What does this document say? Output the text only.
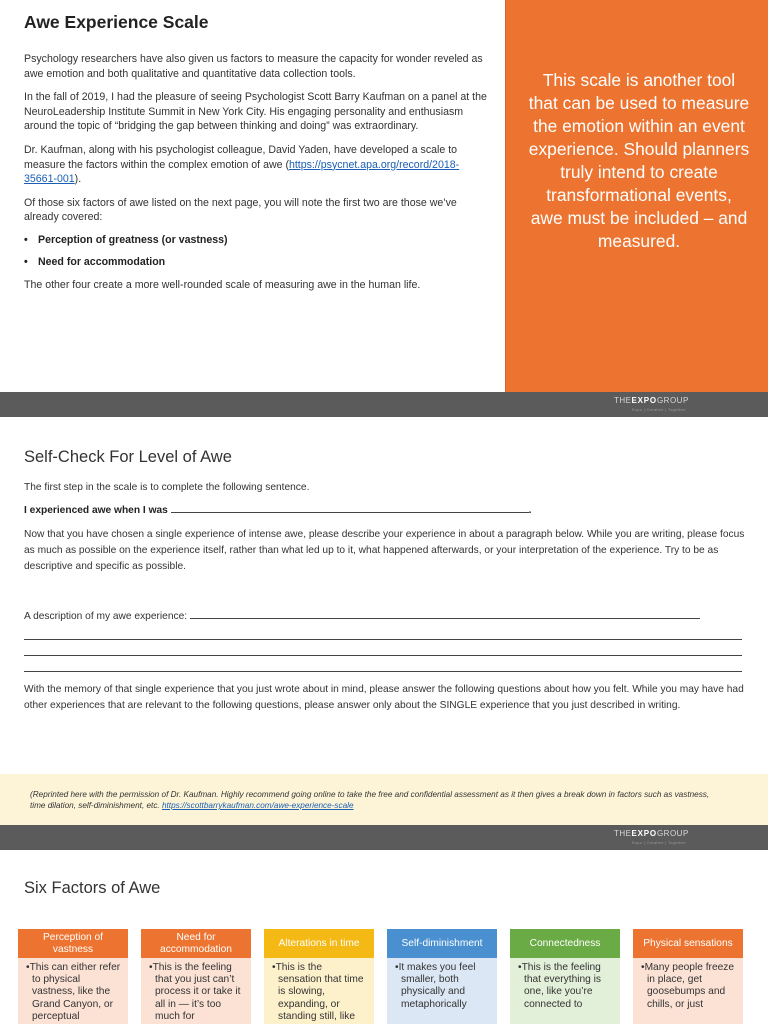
Awe Experience Scale

Psychology researchers have also given us factors to measure the capacity for wonder reveled as awe emotion and both qualitative and quantitative data collection tools.

In the fall of 2019, I had the pleasure of seeing Psychologist Scott Barry Kaufman on a panel at the NeuroLeadership Institute Summit in New York City. His engaging personality and enthusiasm around the topic of “bridging the gap between thinking and doing” was extraordinary.

Dr. Kaufman, along with his psychologist colleague, David Yaden, have developed a scale to measure the factors within the complex emotion of awe (https://psycnet.apa.org/record/2018-35661-001).

Of those six factors of awe listed on the next page, you will note the first two are those we’ve already covered:

• Perception of greatness (or vastness)
• Need for accommodation

The other four create a more well-rounded scale of measuring awe in the human life.

This scale is another tool that can be used to measure the emotion within an event experience. Should planners truly intend to create transformational events, awe must be included – and measured.
THEEXPOGROUP
Expo | Creative | Together
Self-Check For Level of Awe
The first step in the scale is to complete the following sentence.
I experienced awe when I was	.
Now that you have chosen a single experience of intense awe, please describe your experience in about a paragraph below. While you are writing, please focus as much as possible on the experience itself, rather than what led up to it, what happened afterwards, or your interpretation of the experience. Try to be as descriptive and specific as possible.
A description of my awe experience:
With the memory of that single experience that you just wrote about in mind, please answer the following questions about how you felt. While you may have had other experiences that are relevant to the following questions, please answer only about the SINGLE experience that you just described in writing.
(Reprinted here with the permission of Dr. Kaufman. Highly recommend going online to take the free and confidential assessment as it then gives a break down in factors such as vastness, time dilation, self-diminishment, etc. https://scottbarrykaufman.com/awe-experience-scale
THEEXPOGROUP
Expo | Creative | Together
Six Factors of Awe
Perception of vastness
•This can either refer to physical vastness, like the Grand Canyon, or perceptual
Need for accommodation
•This is the feeling that you just can’t process it or take it all in — it’s too much for
Alterations in time
•This is the sensation that time is slowing, expanding, or standing still, like
Self-diminishment
•It makes you feel smaller, both physically and metaphorically
Connectedness
•This is the feeling that everything is one, like you’re connected to
Physical sensations
•Many people freeze in place, get goosebumps and chills, or just
